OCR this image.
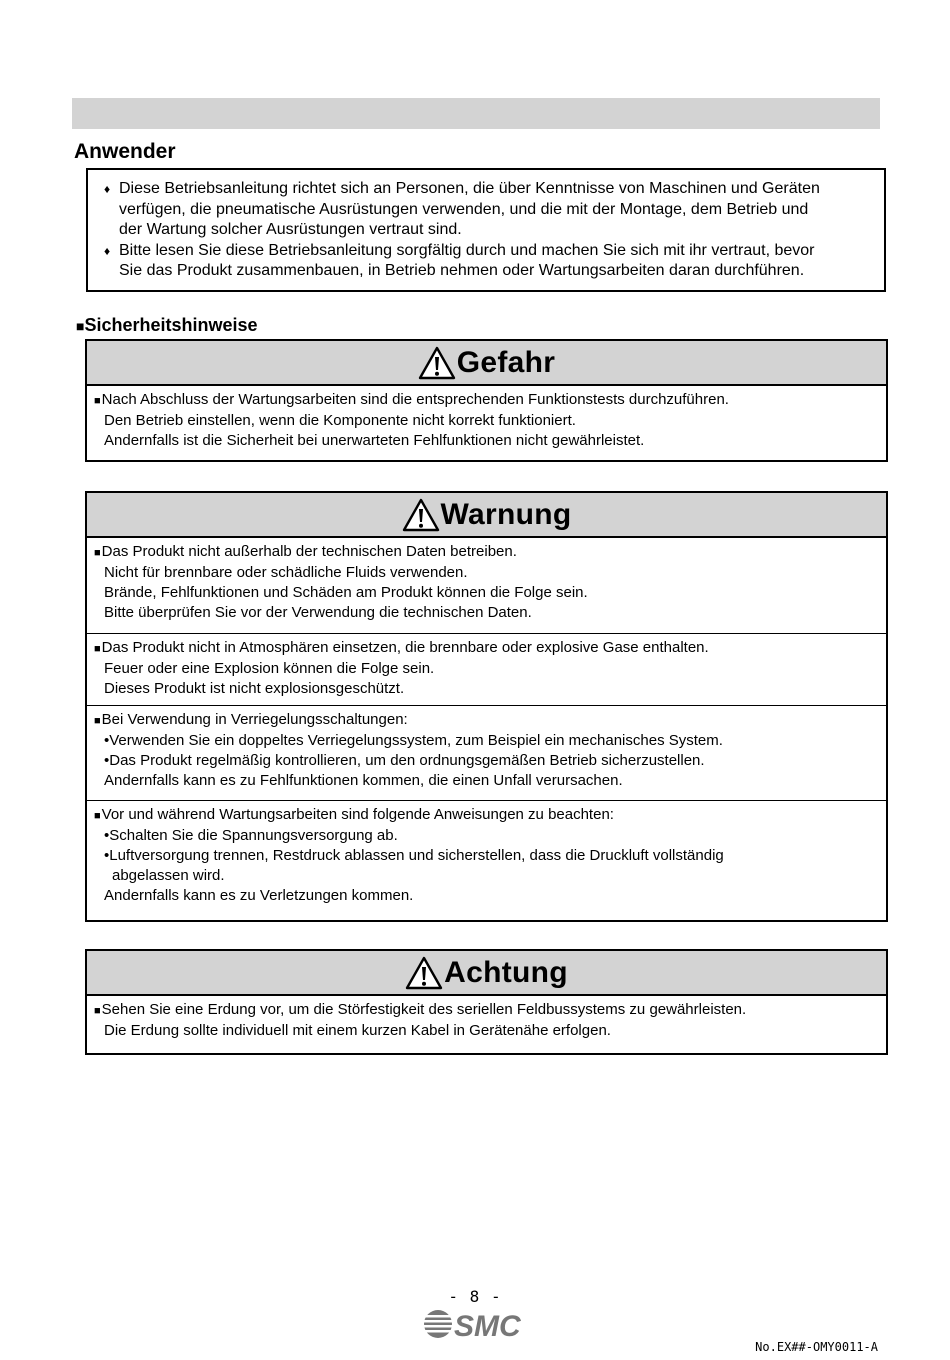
Anwender
♦ Diese Betriebsanleitung richtet sich an Personen, die über Kenntnisse von Maschinen und Geräten
verfügen, die pneumatische Ausrüstungen verwenden, und die mit der Montage, dem Betrieb und
der Wartung solcher Ausrüstungen vertraut sind.
♦ Bitte lesen Sie diese Betriebsanleitung sorgfältig durch und machen Sie sich mit ihr vertraut, bevor
Sie das Produkt zusammenbauen, in Betrieb nehmen oder Wartungsarbeiten daran durchführen.
■Sicherheitshinweise
Gefahr
■Nach Abschluss der Wartungsarbeiten sind die entsprechenden Funktionstests durchzuführen.
Den Betrieb einstellen, wenn die Komponente nicht korrekt funktioniert.
Andernfalls ist die Sicherheit bei unerwarteten Fehlfunktionen nicht gewährleistet.
Warnung
■Das Produkt nicht außerhalb der technischen Daten betreiben.
Nicht für brennbare oder schädliche Fluids verwenden.
Brände, Fehlfunktionen und Schäden am Produkt können die Folge sein.
Bitte überprüfen Sie vor der Verwendung die technischen Daten.
■Das Produkt nicht in Atmosphären einsetzen, die brennbare oder explosive Gase enthalten.
Feuer oder eine Explosion können die Folge sein.
Dieses Produkt ist nicht explosionsgeschützt.
■Bei Verwendung in Verriegelungsschaltungen:
•Verwenden Sie ein doppeltes Verriegelungssystem, zum Beispiel ein mechanisches System.
•Das Produkt regelmäßig kontrollieren, um den ordnungsgemäßen Betrieb sicherzustellen.
Andernfalls kann es zu Fehlfunktionen kommen, die einen Unfall verursachen.
■Vor und während Wartungsarbeiten sind folgende Anweisungen zu beachten:
•Schalten Sie die Spannungsversorgung ab.
•Luftversorgung trennen, Restdruck ablassen und sicherstellen, dass die Druckluft vollständig
abgelassen wird.
Andernfalls kann es zu Verletzungen kommen.
Achtung
■Sehen Sie eine Erdung vor, um die Störfestigkeit des seriellen Feldbussystems zu gewährleisten.
Die Erdung sollte individuell mit einem kurzen Kabel in Gerätenähe erfolgen.
- 8 -
SMC
No.EX##-OMY0011-A
